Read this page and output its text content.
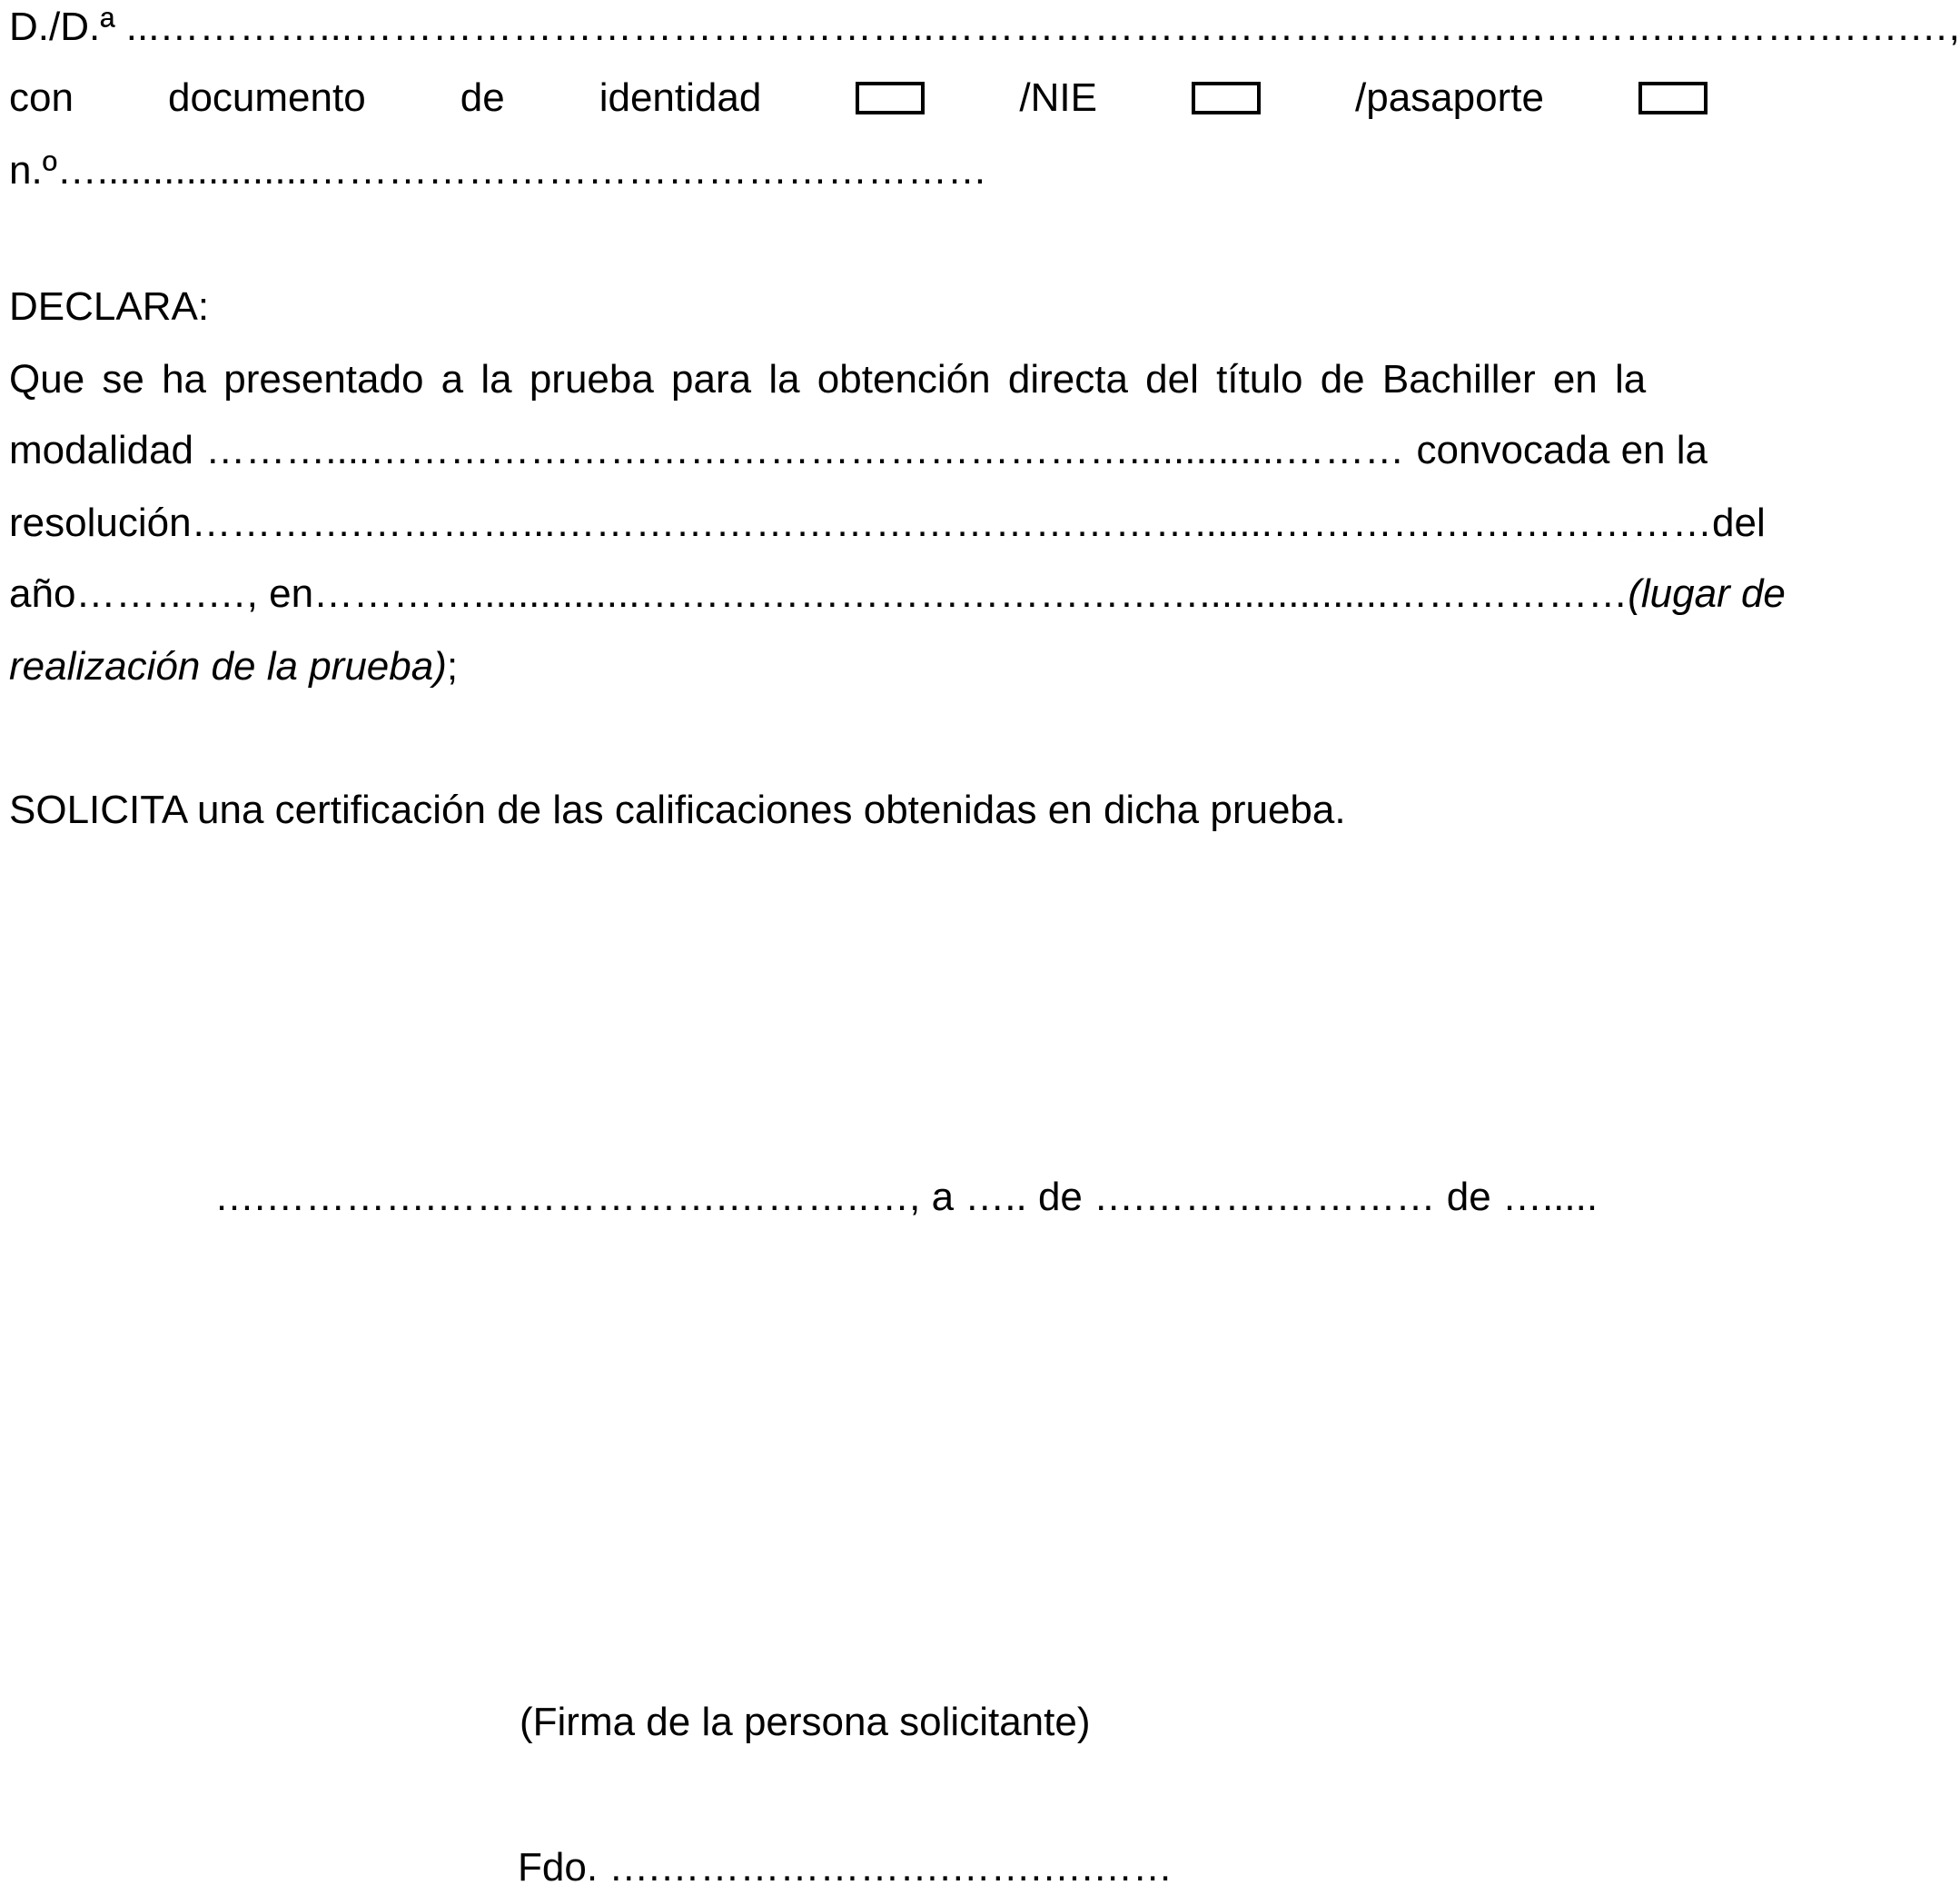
D./D.ª ...…………...……………………………………..…………………………………….…………..……….…….…,
con documento de identidad	/NIE	/pasaporte
n.º…...................……………………………………………
DECLARA:
Que se ha presentado a la prueba para la obtención directa del título de Bachiller en la
modalidad ………....…………………………………………………..............……… convocada en la
resolución ………….…………...………………………………………….......…………………………… del
año ……….…, en …………...............…………………………………….................……………… (lugar de
realización de la prueba);
SOLICITA una certificación de las calificaciones obtenidas en dicha prueba.
….………….………………….………..…, a ….. de ….……….………… de ….....
(Firma de la persona solicitante)
Fdo. ….………………….…….….……
